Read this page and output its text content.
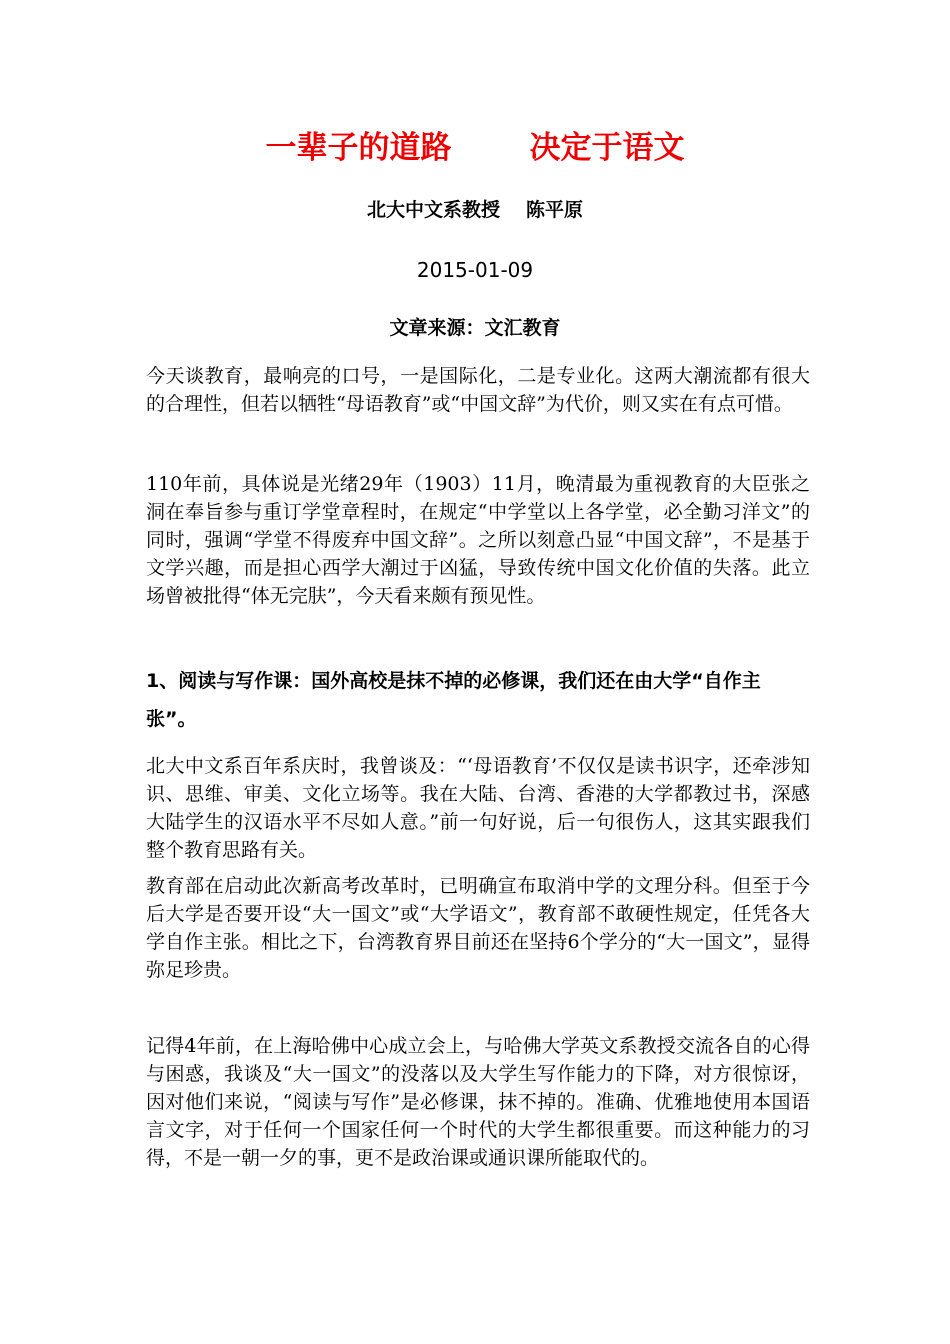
一辈子的道路	决定于语文

北大中文系教授 陈平原

2015-01-09

文章来源：文汇教育

今天谈教育，最响亮的口号，一是国际化，二是专业化。这两大潮流都有很大的合理性，但若以牺牲“母语教育”或“中国文辞”为代价，则又实在有点可惜。

110年前，具体说是光绪29年（1903）11月，晚清最为重视教育的大臣张之洞在奉旨参与重订学堂章程时，在规定“中学堂以上各学堂，必全勤习洋文”的同时，强调“学堂不得废弃中国文辞”。之所以刻意凸显“中国文辞”，不是基于文学兴趣，而是担心西学大潮过于凶猛，导致传统中国文化价值的失落。此立场曾被批得“体无完肤”，今天看来颇有预见性。

1、阅读与写作课：国外高校是抹不掉的必修课，我们还在由大学“自作主张”。

北大中文系百年系庆时，我曾谈及：“‘母语教育’不仅仅是读书识字，还牵涉知识、思维、审美、文化立场等。我在大陆、台湾、香港的大学都教过书，深感大陆学生的汉语水平不尽如人意。”前一句好说，后一句很伤人，这其实跟我们整个教育思路有关。

教育部在启动此次新高考改革时，已明确宣布取消中学的文理分科。但至于今后大学是否要开设“大一国文”或“大学语文”，教育部不敢硬性规定，任凭各大学自作主张。相比之下，台湾教育界目前还在坚持6个学分的“大一国文”，显得弥足珍贵。

记得4年前，在上海哈佛中心成立会上，与哈佛大学英文系教授交流各自的心得与困惑，我谈及“大一国文”的没落以及大学生写作能力的下降，对方很惊讶，因对他们来说，“阅读与写作”是必修课，抹不掉的。准确、优雅地使用本国语言文字，对于任何一个国家任何一个时代的大学生都很重要。而这种能力的习得，不是一朝一夕的事，更不是政治课或通识课所能取代的。
